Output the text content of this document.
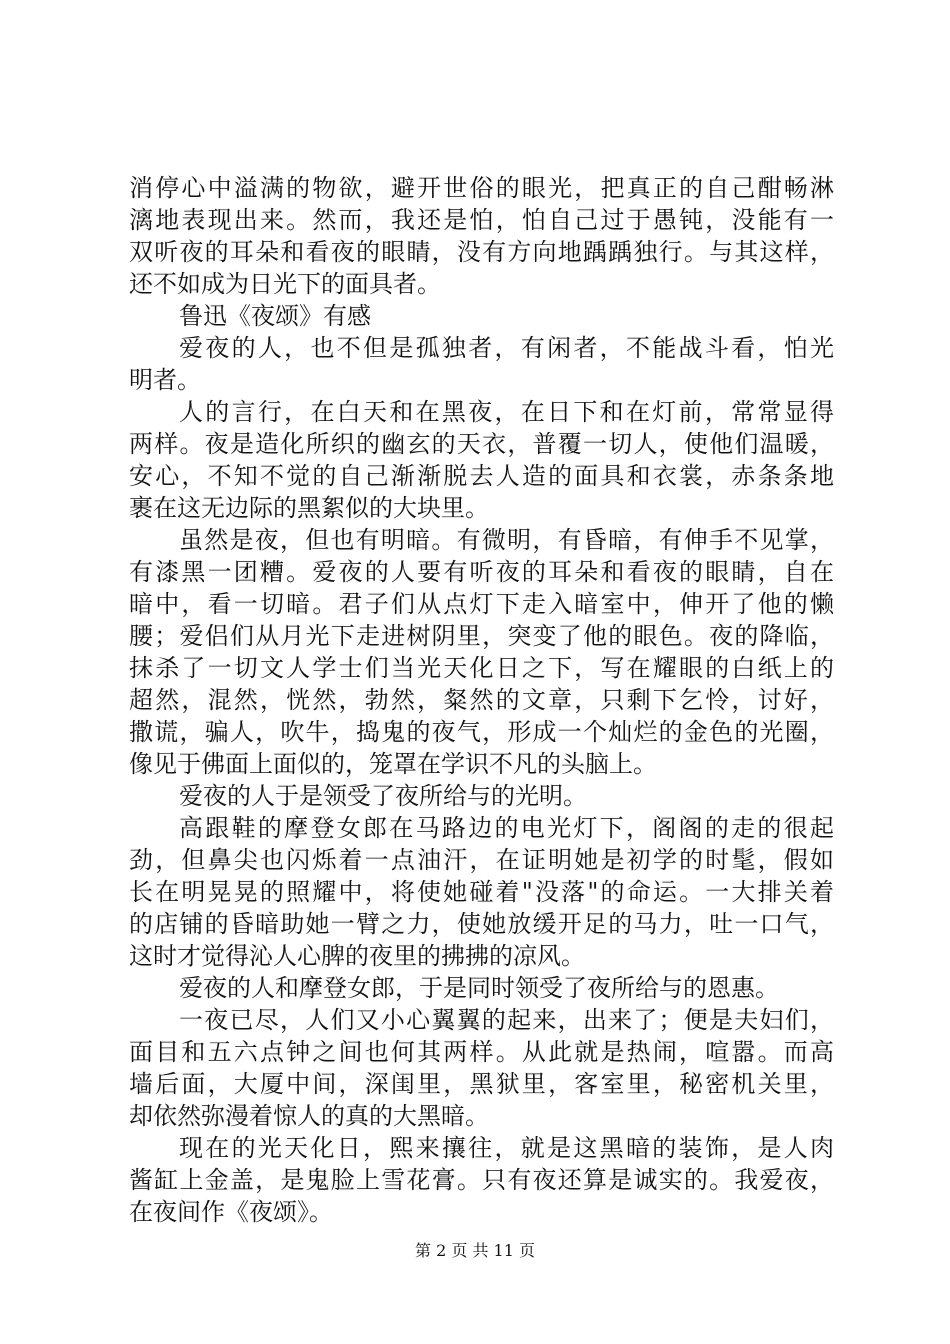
消停心中溢满的物欲，避开世俗的眼光，把真正的自己酣畅淋
漓地表现出来。然而，我还是怕，怕自己过于愚钝，没能有一
双听夜的耳朵和看夜的眼睛，没有方向地踽踽独行。与其这样，
还不如成为日光下的面具者。
鲁迅《夜颂》有感
爱夜的人，也不但是孤独者，有闲者，不能战斗看，怕光
明者。
人的言行，在白天和在黑夜，在日下和在灯前，常常显得
两样。夜是造化所织的幽玄的天衣，普覆一切人，使他们温暖，
安心，不知不觉的自己渐渐脱去人造的面具和衣裳，赤条条地
裹在这无边际的黑絮似的大块里。
虽然是夜，但也有明暗。有微明，有昏暗，有伸手不见掌，
有漆黑一团糟。爱夜的人要有听夜的耳朵和看夜的眼睛，自在
暗中，看一切暗。君子们从点灯下走入暗室中，伸开了他的懒
腰；爱侣们从月光下走进树阴里，突变了他的眼色。夜的降临，
抹杀了一切文人学士们当光天化日之下，写在耀眼的白纸上的
超然，混然，恍然，勃然，粲然的文章，只剩下乞怜，讨好，
撒谎，骗人，吹牛，捣鬼的夜气，形成一个灿烂的金色的光圈，
像见于佛面上面似的，笼罩在学识不凡的头脑上。
爱夜的人于是领受了夜所给与的光明。
高跟鞋的摩登女郎在马路边的电光灯下，阁阁的走的很起
劲，但鼻尖也闪烁着一点油汗，在证明她是初学的时髦，假如
长在明晃晃的照耀中，将使她碰着"没落"的命运。一大排关着
的店铺的昏暗助她一臂之力，使她放缓开足的马力，吐一口气，
这时才觉得沁人心脾的夜里的拂拂的凉风。
爱夜的人和摩登女郎，于是同时领受了夜所给与的恩惠。
一夜已尽，人们又小心翼翼的起来，出来了；便是夫妇们，
面目和五六点钟之间也何其两样。从此就是热闹，喧嚣。而高
墙后面，大厦中间，深闺里，黑狱里，客室里，秘密机关里，
却依然弥漫着惊人的真的大黑暗。
现在的光天化日，熙来攘往，就是这黑暗的装饰，是人肉
酱缸上金盖，是鬼脸上雪花膏。只有夜还算是诚实的。我爱夜，
在夜间作《夜颂》。
第 2 页 共 11 页
